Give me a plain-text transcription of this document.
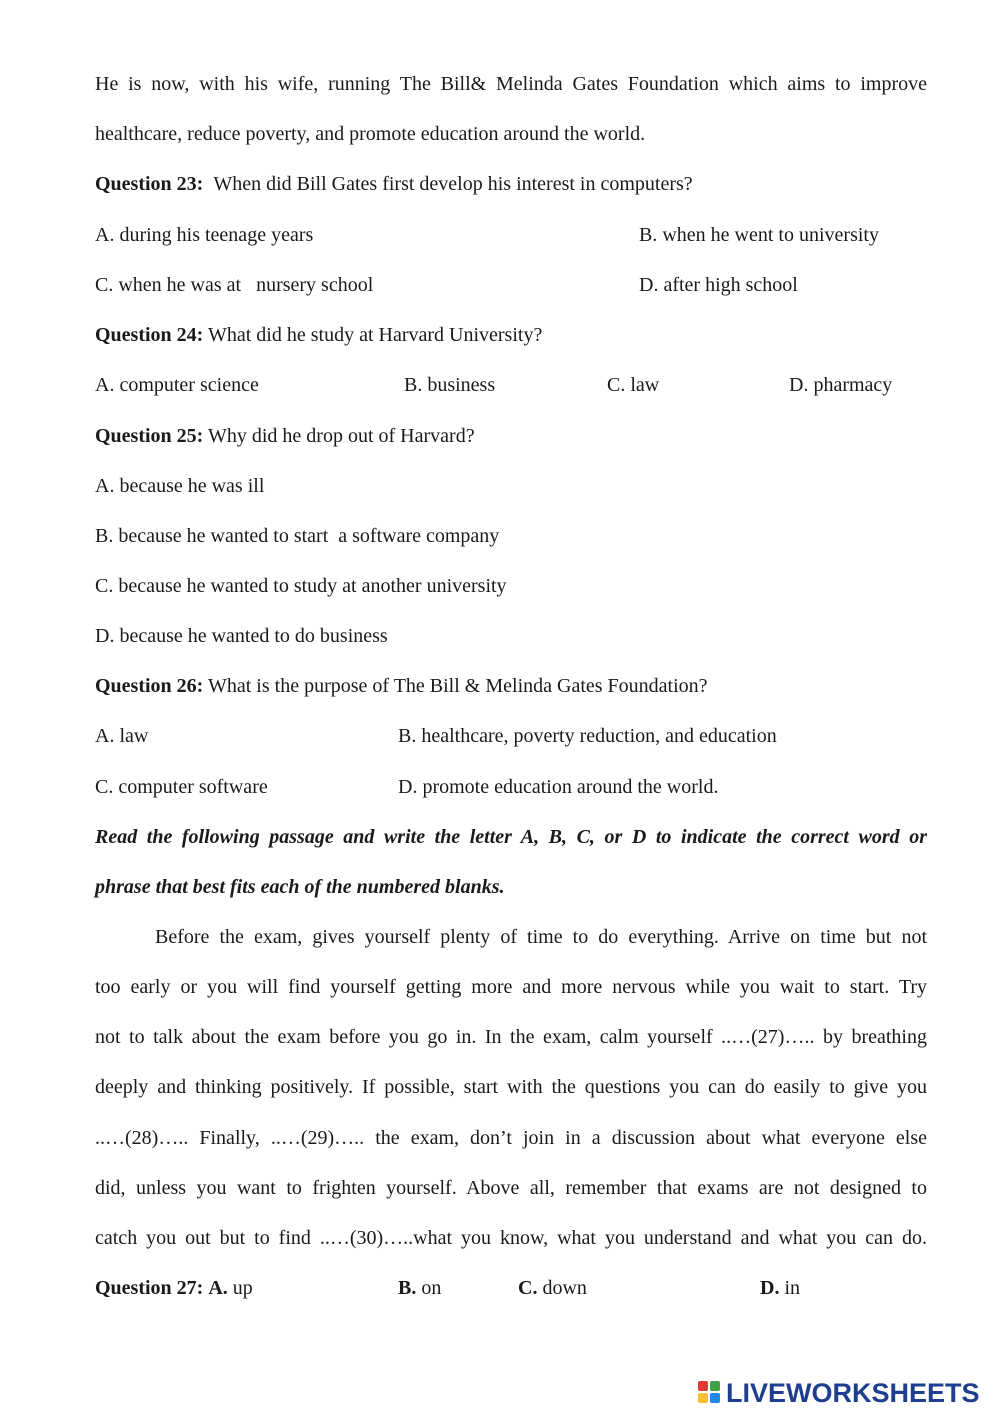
He is now, with his wife, running The Bill& Melinda Gates Foundation which aims to improve
healthcare, reduce poverty, and promote education around the world.
Question 23: When did Bill Gates first develop his interest in computers?
A. during his teenage years	B. when he went to university
C. when he was at   nursery school	D. after high school
Question 24: What did he study at Harvard University?
A. computer science	B. business	C. law	D. pharmacy
Question 25: Why did he drop out of Harvard?
A. because he was ill
B. because he wanted to start  a software company
C. because he wanted to study at another university
D. because he wanted to do business
Question 26: What is the purpose of The Bill & Melinda Gates Foundation?
A. law	B. healthcare, poverty reduction, and education
C. computer software	D. promote education around the world.
Read the following passage and write the letter A, B, C, or D to indicate the correct word or
phrase that best fits each of the numbered blanks.
Before the exam, gives yourself plenty of time to do everything. Arrive on time but not
too early or you will find yourself getting more and more nervous while you wait to start. Try
not to talk about the exam before you go in. In the exam, calm yourself ..…(27)….. by breathing
deeply and thinking positively. If possible, start with the questions you can do easily to give you
..…(28)….. Finally, ..…(29)….. the exam, don’t join in a discussion about what everyone else
did, unless you want to frighten yourself. Above all, remember that exams are not designed to
catch you out but to find ..…(30)…..what you know, what you understand and what you can do.
Question 27: A. up	B. on	C. down	D. in
LIVEWORKSHEETS
